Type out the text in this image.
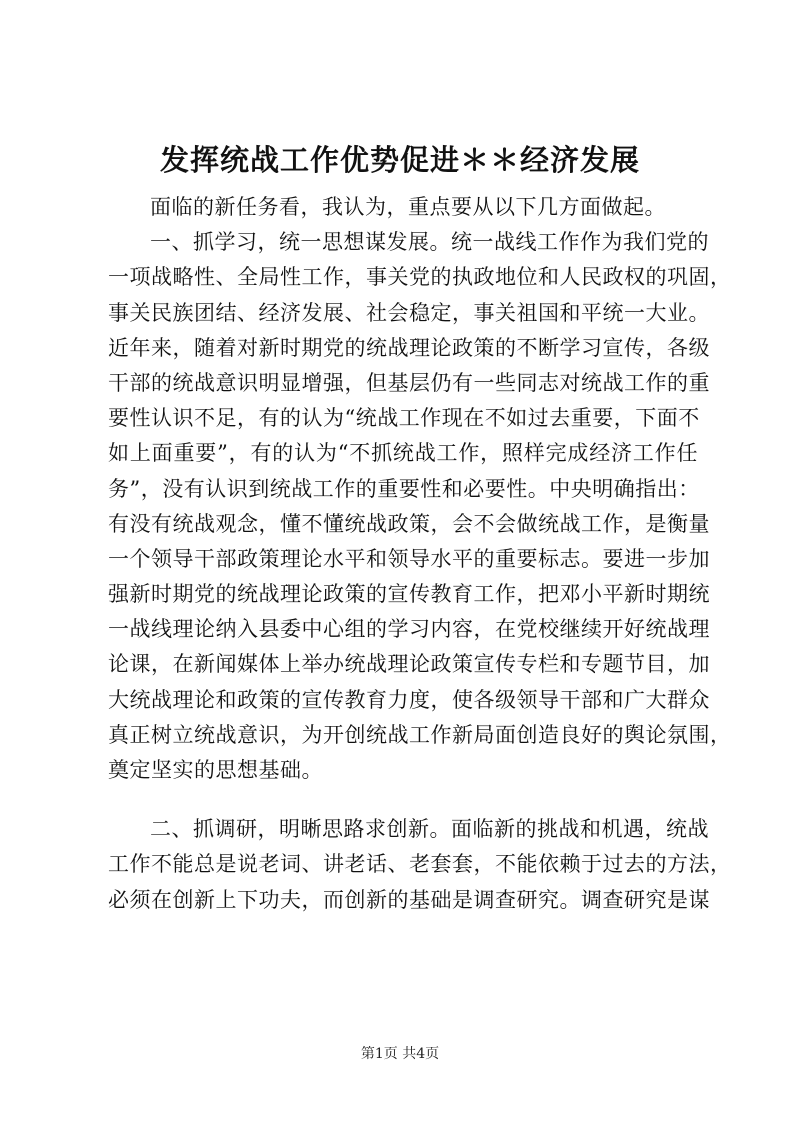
发挥统战工作优势促进＊＊经济发展
面临的新任务看，我认为，重点要从以下几方面做起。
一、抓学习，统一思想谋发展。统一战线工作作为我们党的
一项战略性、全局性工作，事关党的执政地位和人民政权的巩固，
事关民族团结、经济发展、社会稳定，事关祖国和平统一大业。
近年来，随着对新时期党的统战理论政策的不断学习宣传，各级
干部的统战意识明显增强，但基层仍有一些同志对统战工作的重
要性认识不足，有的认为“统战工作现在不如过去重要，下面不
如上面重要”，有的认为“不抓统战工作，照样完成经济工作任
务”，没有认识到统战工作的重要性和必要性。中央明确指出：
有没有统战观念，懂不懂统战政策，会不会做统战工作，是衡量
一个领导干部政策理论水平和领导水平的重要标志。要进一步加
强新时期党的统战理论政策的宣传教育工作，把邓小平新时期统
一战线理论纳入县委中心组的学习内容，在党校继续开好统战理
论课，在新闻媒体上举办统战理论政策宣传专栏和专题节目，加
大统战理论和政策的宣传教育力度，使各级领导干部和广大群众
真正树立统战意识，为开创统战工作新局面创造良好的舆论氛围，
奠定坚实的思想基础。
二、抓调研，明晰思路求创新。面临新的挑战和机遇，统战
工作不能总是说老词、讲老话、老套套，不能依赖于过去的方法，
必须在创新上下功夫，而创新的基础是调查研究。调查研究是谋
第1页 共4页
